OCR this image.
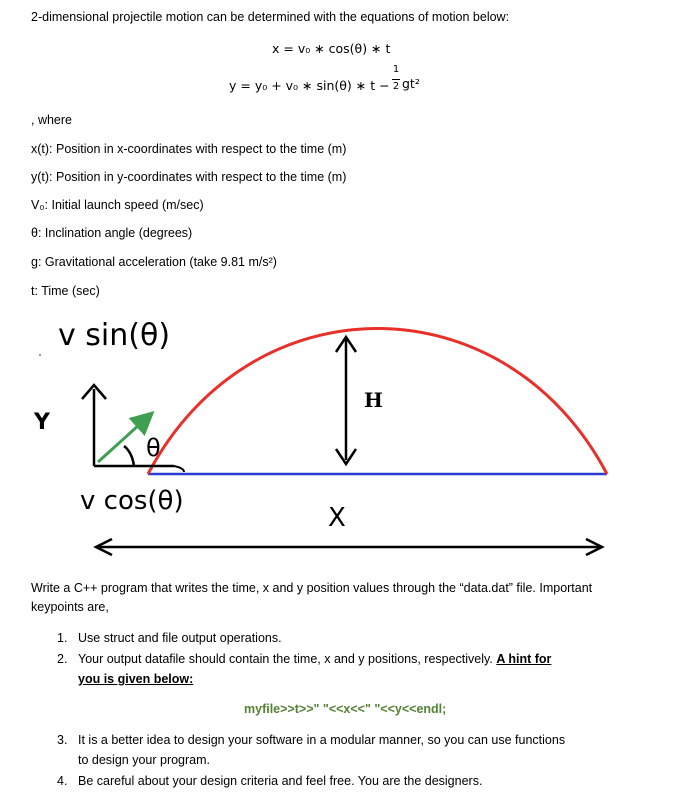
2-dimensional projectile motion can be determined with the equations of motion below:
x = v₀ ∗ cos(θ) ∗ t
y = y₀ + v₀ ∗ sin(θ) ∗ t −
1
2 gt²
, where
x(t): Position in x-coordinates with respect to the time (m)
y(t): Position in y-coordinates with respect to the time (m)
V₀: Initial launch speed (m/sec)
θ: Inclination angle (degrees)
g: Gravitational acceleration (take 9.81 m/s²)
t: Time (sec)
v sin(θ)
Y
θ
H
v cos(θ)
X
Write a C++ program that writes the time, x and y position values through the “data.dat” file. Important
keypoints are,
1. Use struct and file output operations.
2. Your output datafile should contain the time, x and y positions, respectively. A hint for
you is given below:
myfile>>t>>" "<<x<<" "<<y<<endl;
3. It is a better idea to design your software in a modular manner, so you can use functions
to design your program.
4. Be careful about your design criteria and feel free. You are the designers.
